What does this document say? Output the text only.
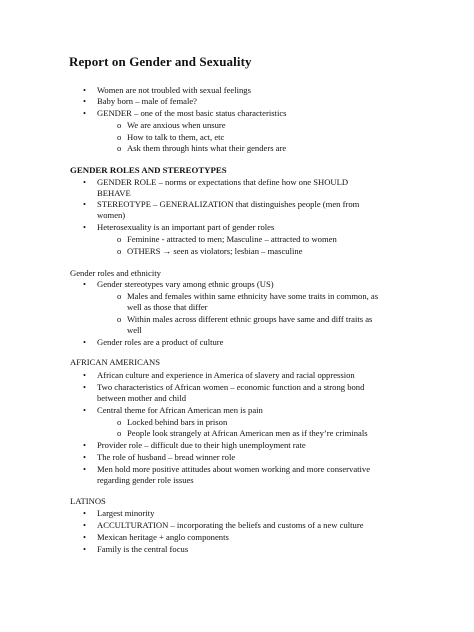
Report on Gender and Sexuality
• Women are not troubled with sexual feelings
• Baby born – male of female?
• GENDER – one of the most basic status characteristics
o We are anxious when unsure
o How to talk to them, act, etc
o Ask them through hints what their genders are
GENDER ROLES AND STEREOTYPES
• GENDER ROLE – norms or expectations that define how one SHOULD
BEHAVE
• STEREOTYPE – GENERALIZATION that distinguishes people (men from
women)
• Heterosexuality is an important part of gender roles
o Feminine - attracted to men; Masculine – attracted to women
o OTHERS → seen as violators; lesbian – masculine
Gender roles and ethnicity
• Gender stereotypes vary among ethnic groups (US)
o Males and females within same ethnicity have some traits in common, as
well as those that differ
o Within males across different ethnic groups have same and diff traits as
well
• Gender roles are a product of culture
AFRICAN AMERICANS
• African culture and experience in America of slavery and racial oppression
• Two characteristics of African women – economic function and a strong bond
between mother and child
• Central theme for African American men is pain
o Locked behind bars in prison
o People look strangely at African American men as if they’re criminals
• Provider role – difficult due to their high unemployment rate
• The role of husband – bread winner role
• Men hold more positive attitudes about women working and more conservative
regarding gender role issues
LATINOS
• Largest minority
• ACCULTURATION – incorporating the beliefs and customs of a new culture
• Mexican heritage + anglo components
• Family is the central focus
